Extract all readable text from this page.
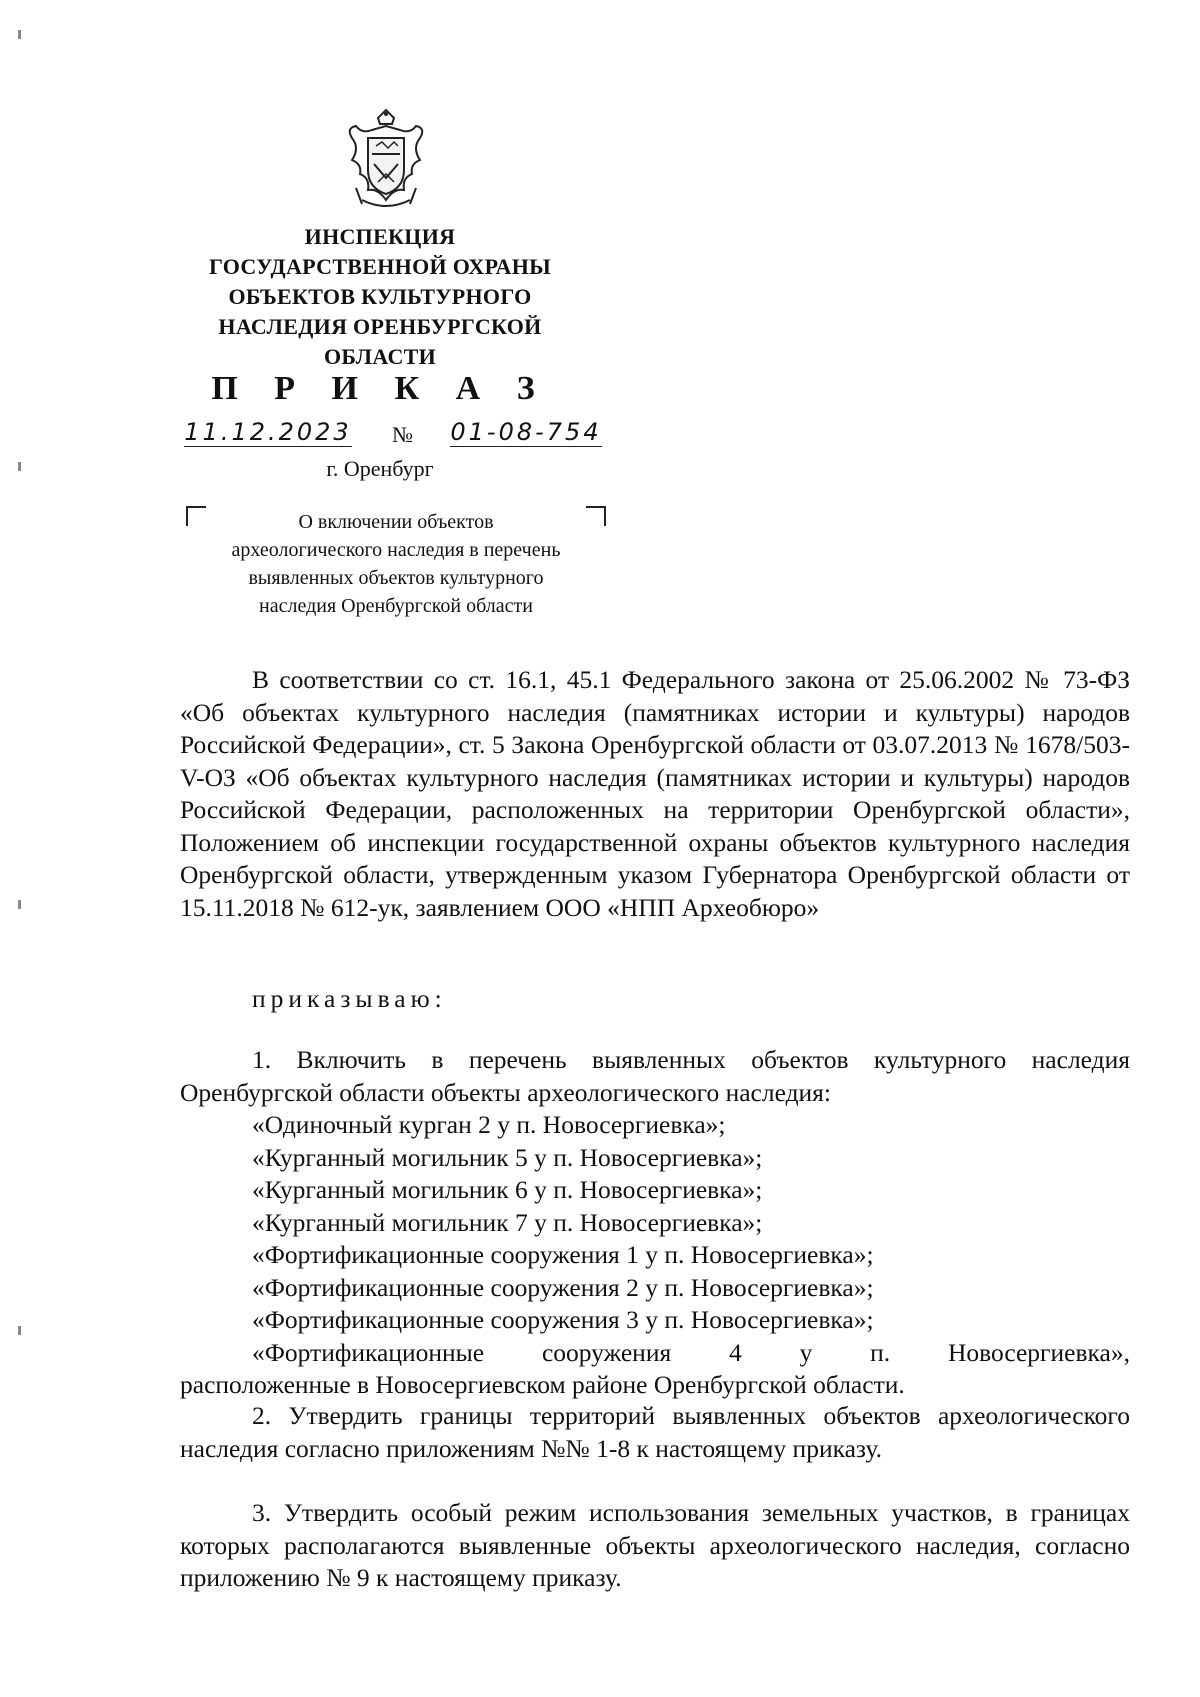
ИНСПЕКЦИЯ
ГОСУДАРСТВЕННОЙ ОХРАНЫ
ОБЪЕКТОВ КУЛЬТУРНОГО
НАСЛЕДИЯ ОРЕНБУРГСКОЙ
ОБЛАСТИ
П Р И К А З
11.12.2023	№	01-08-754
г. Оренбург
О включении объектов
археологического наследия в перечень
выявленных объектов культурного
наследия Оренбургской области

В соответствии со ст. 16.1, 45.1 Федерального закона от 25.06.2002 № 73-ФЗ «Об объектах культурного наследия (памятниках истории и культуры) народов Российской Федерации», ст. 5 Закона Оренбургской области от 03.07.2013 № 1678/503-V-ОЗ «Об объектах культурного наследия (памятниках истории и культуры) народов Российской Федерации, расположенных на территории Оренбургской области», Положением об инспекции государственной охраны объектов культурного наследия Оренбургской области, утвержденным указом Губернатора Оренбургской области от 15.11.2018 № 612-ук, заявлением ООО «НПП Археобюро»

приказываю:

1. Включить в перечень выявленных объектов культурного наследия Оренбургской области объекты археологического наследия:

«Одиночный курган 2 у п. Новосергиевка»;
«Курганный могильник 5 у п. Новосергиевка»;
«Курганный могильник 6 у п. Новосергиевка»;
«Курганный могильник 7 у п. Новосергиевка»;
«Фортификационные сооружения 1 у п. Новосергиевка»;
«Фортификационные сооружения 2 у п. Новосергиевка»;
«Фортификационные сооружения 3 у п. Новосергиевка»;
«Фортификационные сооружения 4 у п. Новосергиевка»,
расположенные в Новосергиевском районе Оренбургской области.

2. Утвердить границы территорий выявленных объектов археологического наследия согласно приложениям №№ 1-8 к настоящему приказу.

3. Утвердить особый режим использования земельных участков, в границах которых располагаются выявленные объекты археологического наследия, согласно приложению № 9 к настоящему приказу.
